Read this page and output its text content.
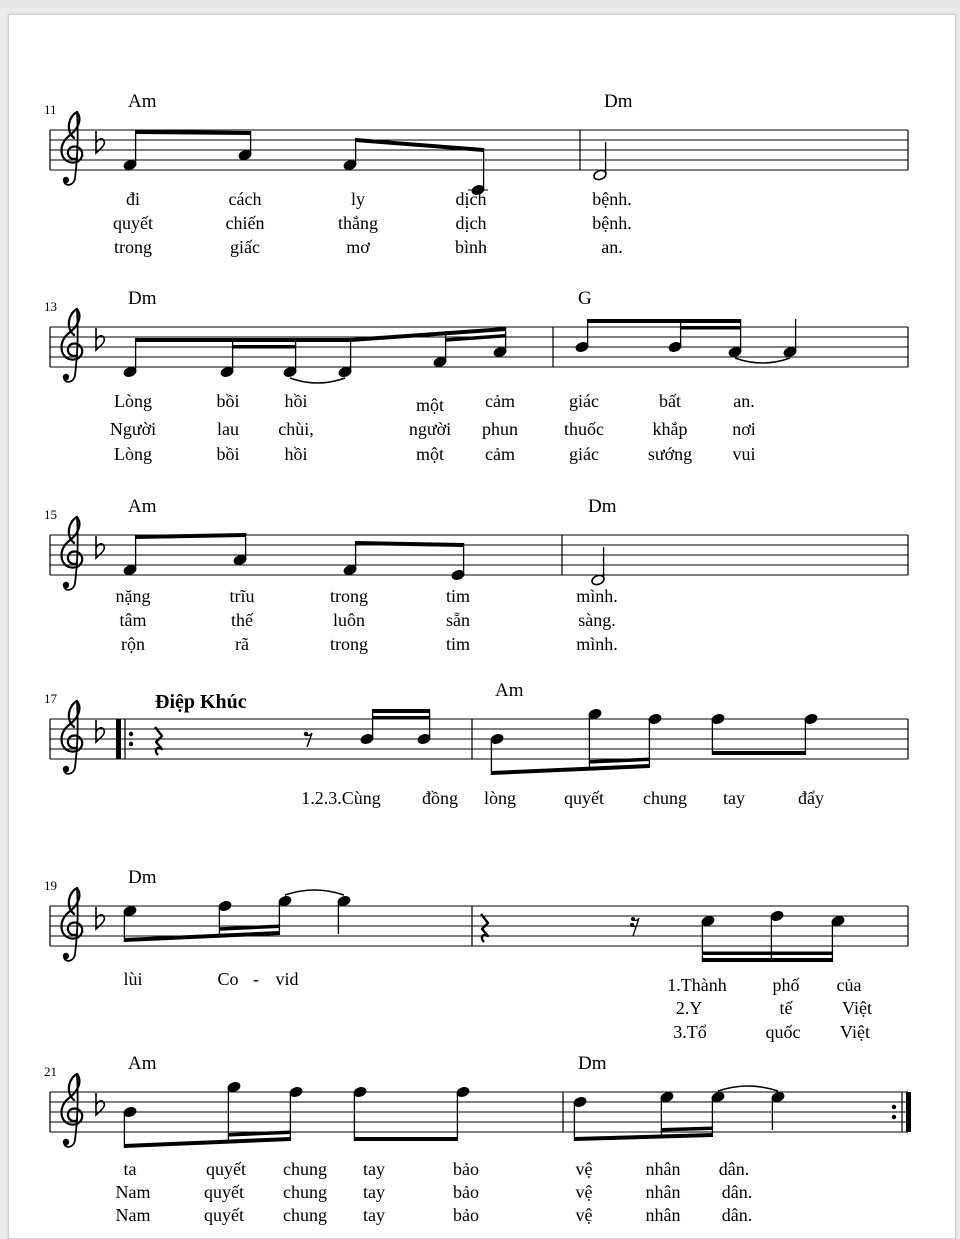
11	Am	Dm
đi	cách	ly	dịch	bệnh.
quyết	chiến	thắng	dịch	bệnh.
trong	giấc	mơ	bình	an.
13	Dm	G
Lòng	bồi hồi	một cảm	giác	bất	an.
Người	lau chùi,	người phun	thuốc	khắp nơi
Lòng	bồi hồi	một cảm	giác	sướng vui
15	Am	Dm
nặng	trĩu	trong	tim	mình.
tâm	thế	luôn	sẵn	sàng.
rộn	rã	trong	tim	mình.
17	Am
Điệp Khúc
1.2.3.Cùng đồng lòng	quyết chung tay	đẩy
19	Dm
lùi	Co - vid	1.Thành	phố của
2.Y	tế	Việt
3.Tổ	quốc Việt
21	Am	Dm
ta	quyết chung tay	bảo	vệ	nhân dân.
Nam	quyết chung tay	bảo	vệ	nhân dân.
Nam	quyết chung tay	bảo	vệ	nhân dân.
